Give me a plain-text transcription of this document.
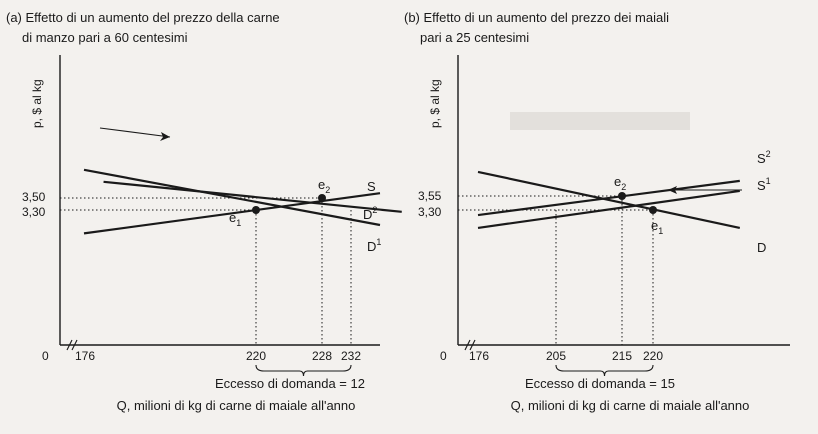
(a) Effetto di un aumento del prezzo della carne
di manzo pari a 60 centesimi
p, $ al kg
3,50
3,30
0 176	220	228 232
Eccesso di domanda = 12
Q, milioni di kg di carne di maiale all'anno
S
$D^2$
$D^1$
$e_2$
$e_1$
(b) Effetto di un aumento del prezzo dei maiali
pari a 25 centesimi
p, $ al kg
3,55
3,30
0 176	205	215 220
Eccesso di domanda = 15
Q, milioni di kg di carne di maiale all'anno
$S^2$
$S^1$
D
$e_2$
$e_1$
